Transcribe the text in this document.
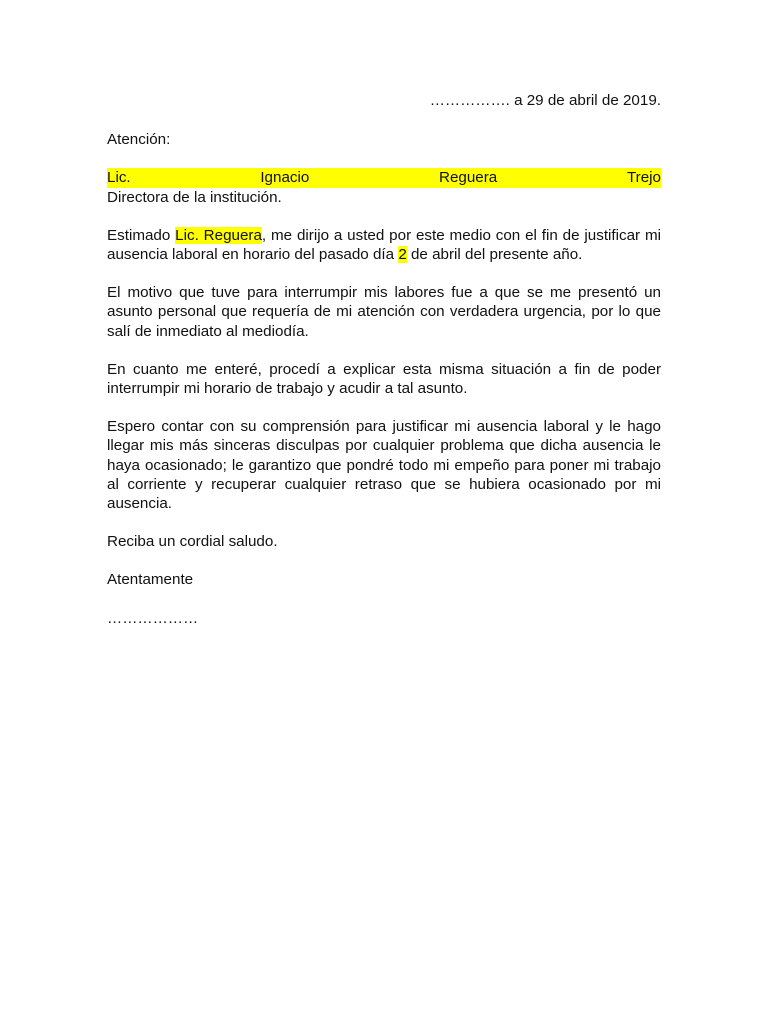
……………. a 29 de abril de 2019.

Atención:

Lic.	Ignacio	Reguera	Trejo

Directora de la institución.

Estimado Lic. Reguera, me dirijo a usted por este medio con el fin de justificar mi ausencia laboral en horario del pasado día 2 de abril del presente año.

El motivo que tuve para interrumpir mis labores fue a que se me presentó un asunto personal que requería de mi atención con verdadera urgencia, por lo que salí de inmediato al mediodía.

En cuanto me enteré, procedí a explicar esta misma situación a fin de poder interrumpir mi horario de trabajo y acudir a tal asunto.

Espero contar con su comprensión para justificar mi ausencia laboral y le hago llegar mis más sinceras disculpas por cualquier problema que dicha ausencia le haya ocasionado; le garantizo que pondré todo mi empeño para poner mi trabajo al corriente y recuperar cualquier retraso que se hubiera ocasionado por mi ausencia.

Reciba un cordial saludo.

Atentamente

………………
